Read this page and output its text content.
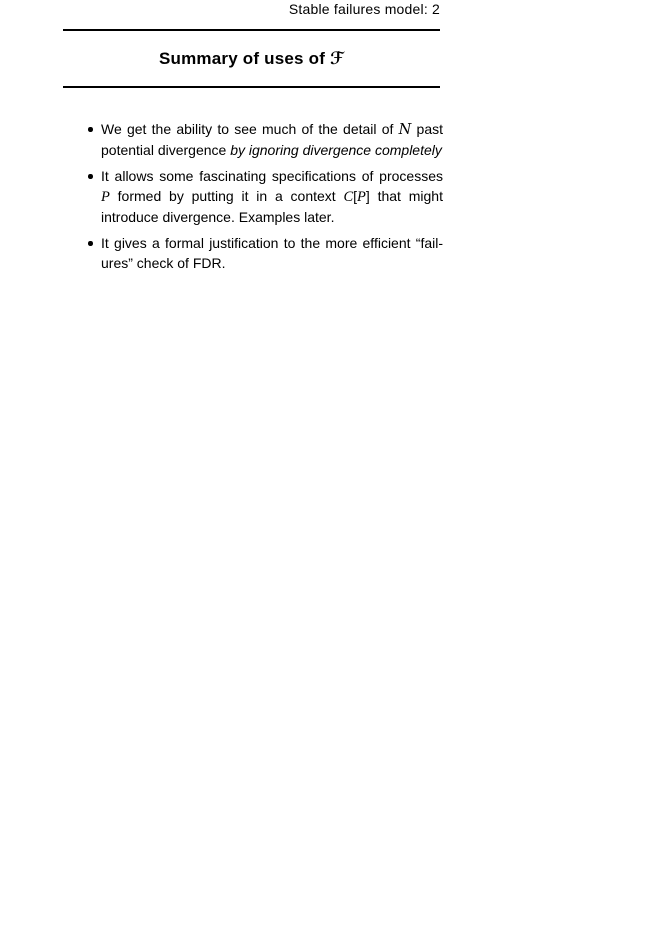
Stable failures model: 2
Summary of uses of ℱ
We get the ability to see much of the detail of N past
potential divergence by ignoring divergence completely
It allows some fascinating specifications of processes
P formed by putting it in a context C[P] that might
introduce divergence. Examples later.
It gives a formal justification to the more efficient “fail-
ures” check of FDR.
